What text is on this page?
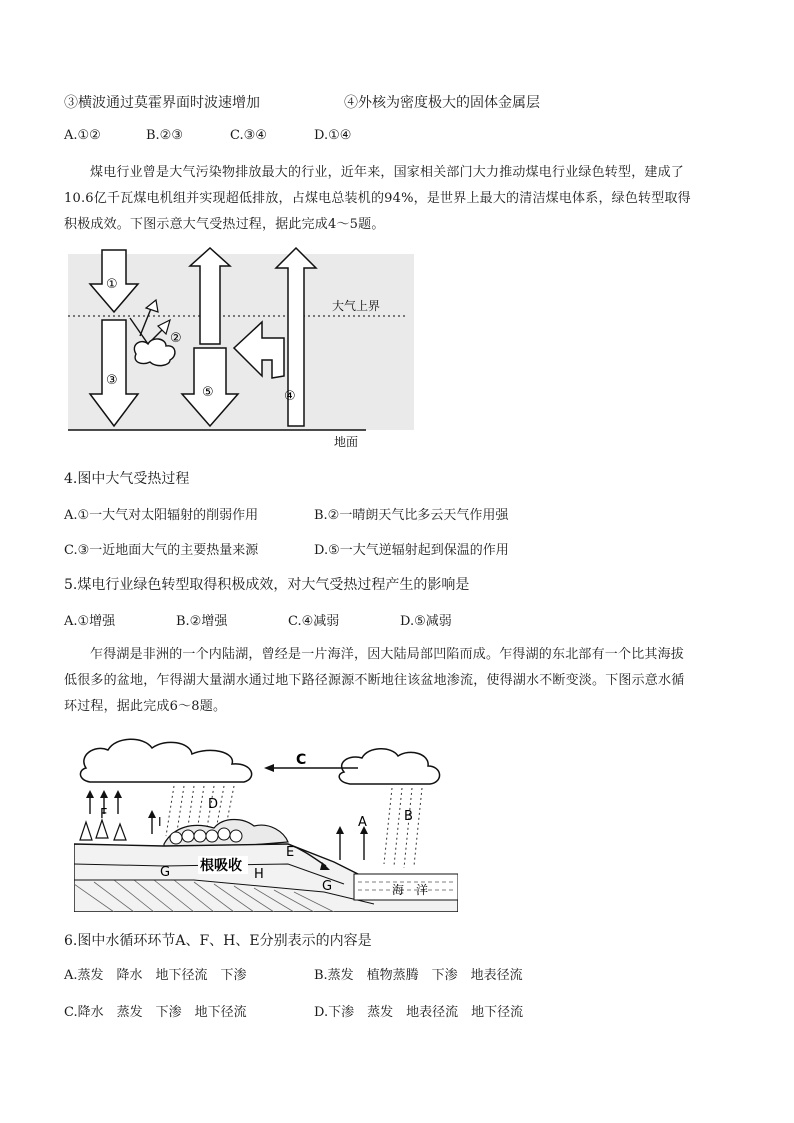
③横波通过莫霍界面时波速增加	④外核为密度极大的固体金属层
A.①②	B.②③	C.③④	D.①④
煤电行业曾是大气污染物排放最大的行业，近年来，国家相关部门大力推动煤电行业绿色转型，建成了
10.6亿千瓦煤电机组并实现超低排放，占煤电总装机的94%，是世界上最大的清洁煤电体系，绿色转型取得
积极成效。下图示意大气受热过程，据此完成4～5题。
大气上界
地面
①
③
②
⑤	④
4.图中大气受热过程
A.①一大气对太阳辐射的削弱作用	B.②一晴朗天气比多云天气作用强
C.③一近地面大气的主要热量来源	D.⑤一大气逆辐射起到保温的作用
5.煤电行业绿色转型取得积极成效，对大气受热过程产生的影响是
A.①增强	B.②增强	C.④减弱	D.⑤减弱
乍得湖是非洲的一个内陆湖，曾经是一片海洋，因大陆局部凹陷而成。乍得湖的东北部有一个比其海拔
低很多的盆地，乍得湖大量湖水通过地下路径源源不断地往该盆地渗流，使得湖水不断变淡。下图示意水循
环过程，据此完成6～8题。
C
D
B
A
F	I
海　洋
根吸收
E
G	H
G
6.图中水循环环节A、F、H、E分别表示的内容是
A.蒸发　降水　地下径流　下渗	B.蒸发　植物蒸腾　下渗　地表径流
C.降水　蒸发　下渗　地下径流	D.下渗　蒸发　地表径流　地下径流
